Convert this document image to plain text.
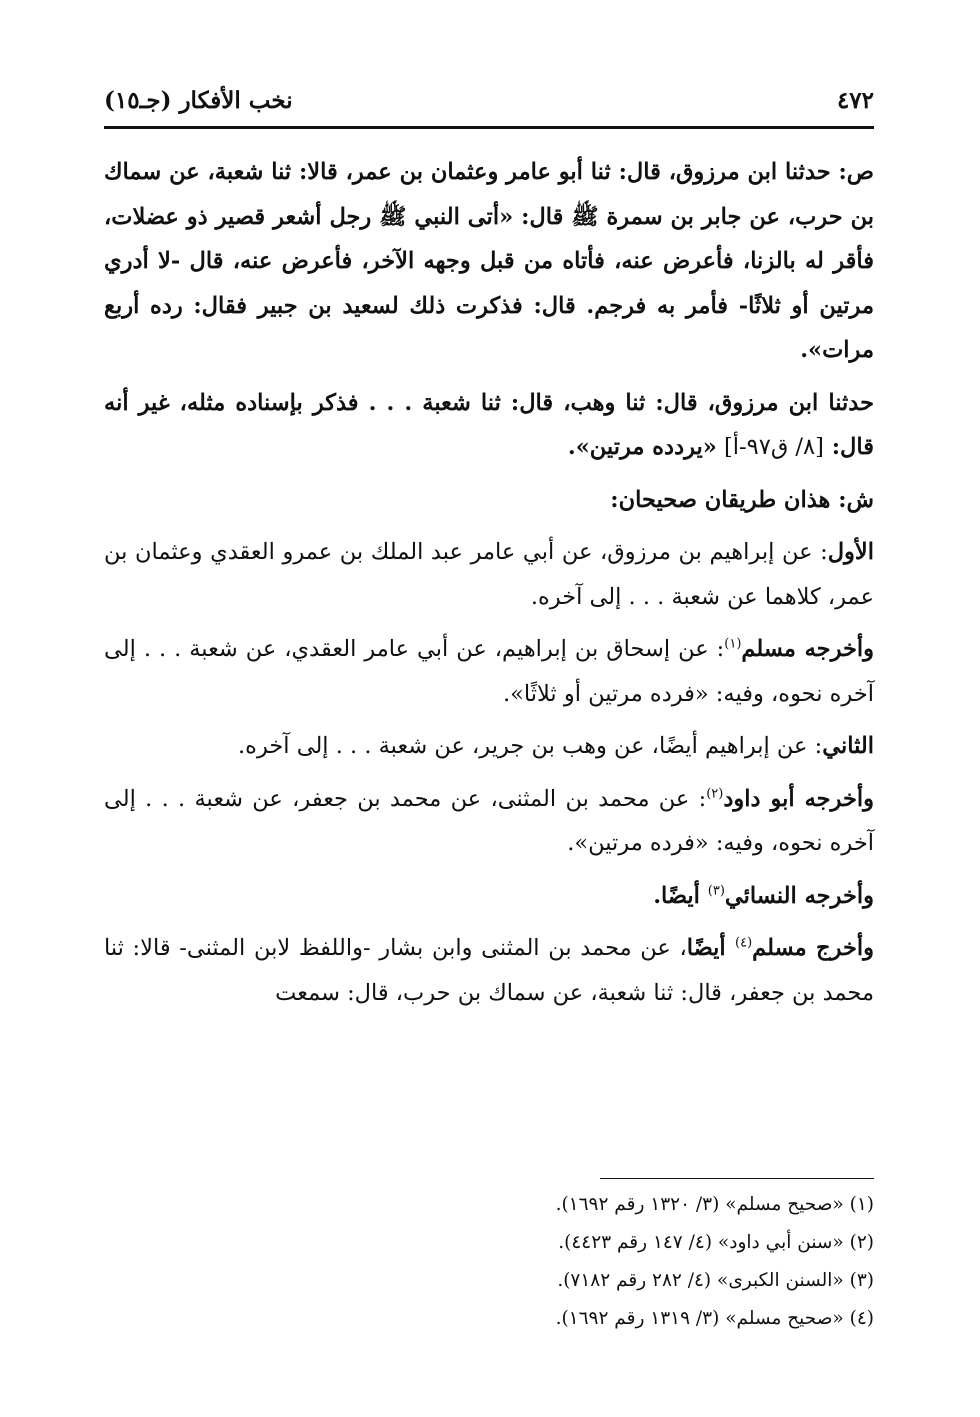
٤٧٢
نخب الأفكار (جـ١٥)

ص: حدثنا ابن مرزوق، قال: ثنا أبو عامر وعثمان بن عمر، قالا: ثنا شعبة، عن سماك بن حرب، عن جابر بن سمرة ﷺ قال: «أتى النبي ﷺ رجل أشعر قصير ذو عضلات، فأقر له بالزنا، فأعرض عنه، فأتاه من قبل وجهه الآخر، فأعرض عنه، قال -لا أدري مرتين أو ثلاثًا- فأمر به فرجم. قال: فذكرت ذلك لسعيد بن جبير فقال: رده أربع مرات».

حدثنا ابن مرزوق، قال: ثنا وهب، قال: ثنا شعبة . . . فذكر بإسناده مثله، غير أنه قال: [٨/ ق٩٧-أ] «يردده مرتين».

ش: هذان طريقان صحيحان:

الأول: عن إبراهيم بن مرزوق، عن أبي عامر عبد الملك بن عمرو العقدي وعثمان بن عمر، كلاهما عن شعبة . . . إلى آخره.

وأخرجه مسلم$^{(١)}$: عن إسحاق بن إبراهيم، عن أبي عامر العقدي، عن شعبة . . . إلى آخره نحوه، وفيه: «فرده مرتين أو ثلاثًا».

الثاني: عن إبراهيم أيضًا، عن وهب بن جرير، عن شعبة . . . إلى آخره.

وأخرجه أبو داود$^{(٢)}$: عن محمد بن المثنى، عن محمد بن جعفر، عن شعبة . . . إلى آخره نحوه، وفيه: «فرده مرتين».

وأخرجه النسائي$^{(٣)}$ أيضًا.

وأخرج مسلم$^{(٤)}$ أيضًا، عن محمد بن المثنى وابن بشار -واللفظ لابن المثنى- قالا: ثنا محمد بن جعفر، قال: ثنا شعبة، عن سماك بن حرب، قال: سمعت

(١) «صحيح مسلم» (٣/ ١٣٢٠ رقم ١٦٩٢).
(٢) «سنن أبي داود» (٤/ ١٤٧ رقم ٤٤٢٣).
(٣) «السنن الكبرى» (٤/ ٢٨٢ رقم ٧١٨٢).
(٤) «صحيح مسلم» (٣/ ١٣١٩ رقم ١٦٩٢).
